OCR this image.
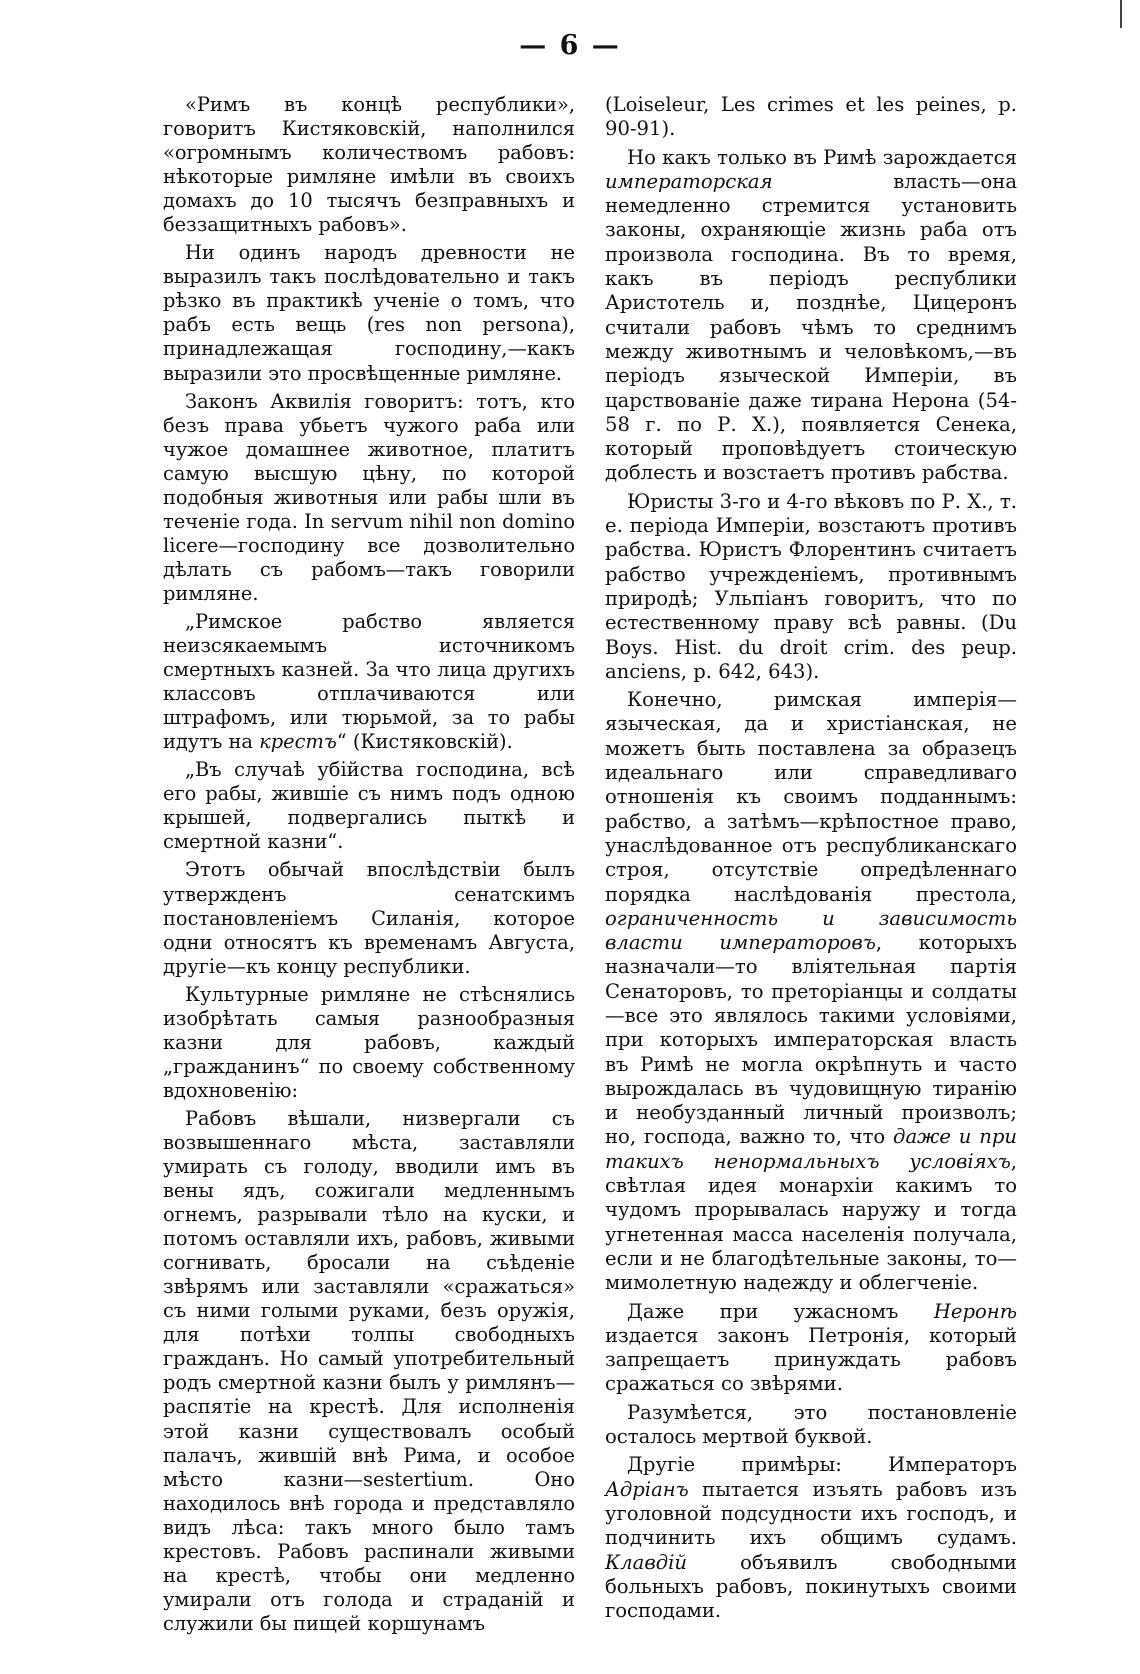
— 6 —

«Римъ въ концѣ республики», говоритъ Кистяковскій, наполнился «огромнымъ количествомъ рабовъ: нѣкоторые римляне имѣли въ своихъ домахъ до 10 тысячъ безправныхъ и беззащитныхъ рабовъ».

Ни одинъ народъ древности не выразилъ такъ послѣдовательно и такъ рѣзко въ практикѣ ученіе о томъ, что рабъ есть вещь (res non persona), принадлежащая господину,—какъ выразили это просвѣщенные римляне.

Законъ Аквилія говоритъ: тотъ, кто безъ права убьетъ чужого раба или чужое домашнее животное, платитъ самую высшую цѣну, по которой подобныя животныя или рабы шли въ теченіе года. In servum nihil non domino licere—господину все дозволительно дѣлать съ рабомъ—такъ говорили римляне.

„Римское рабство является неизсякаемымъ источникомъ смертныхъ казней. За что лица другихъ классовъ отплачиваются или штрафомъ, или тюрьмой, за то рабы идутъ на крестъ“ (Кистяковскій).

„Въ случаѣ убійства господина, всѣ его рабы, жившіе съ нимъ подъ одною крышей, подвергались пыткѣ и смертной казни“.

Этотъ обычай впослѣдствіи былъ утвержденъ сенатскимъ постановленіемъ Силанія, которое одни относятъ къ временамъ Августа, другіе—къ концу республики.

Культурные римляне не стѣснялись изобрѣтать самыя разнообразныя казни для рабовъ, каждый „гражданинъ“ по своему собственному вдохновенію:

Рабовъ вѣшали, низвергали съ возвышеннаго мѣста, заставляли умирать съ голоду, вводили имъ въ вены ядъ, сожигали медленнымъ огнемъ, разрывали тѣло на куски, и потомъ оставляли ихъ, рабовъ, живыми согнивать, бросали на съѣденіе звѣрямъ или заставляли «сражаться» съ ними голыми руками, безъ оружія, для потѣхи толпы свободныхъ гражданъ. Но самый употребительный родъ смертной казни былъ у римлянъ—распятіе на крестѣ. Для исполненія этой казни существовалъ особый палачъ, жившій внѣ Рима, и особое мѣсто казни—sestertium. Оно находилось внѣ города и представляло видъ лѣса: такъ много было тамъ крестовъ. Рабовъ распинали живыми на крестѣ, чтобы они медленно умирали отъ голода и страданій и служили бы пищей коршунамъ

(Loiseleur, Les crimes et les peines, p. 90-91).

Но какъ только въ Римѣ зарождается императорская власть—она немедленно стремится установить законы, охраняющіе жизнь раба отъ произвола господина. Въ то время, какъ въ періодъ республики Аристотель и, позднѣе, Цицеронъ считали рабовъ чѣмъ то среднимъ между животнымъ и человѣкомъ,—въ періодъ языческой Имперіи, въ царствованіе даже тирана Нерона (54-58 г. по Р. X.), появляется Сенека, который проповѣдуетъ стоическую доблесть и возстаетъ противъ рабства.

Юристы 3-го и 4-го вѣковъ по Р. X., т. е. періода Имперіи, возстаютъ противъ рабства. Юристъ Флорентинъ считаетъ рабство учрежденіемъ, противнымъ природѣ; Ульпіанъ говоритъ, что по естественному праву всѣ равны. (Du Boys. Hist. du droit crim. des peup. anciens, p. 642, 643).

Конечно, римская имперія—языческая, да и христіанская, не можетъ быть поставлена за образецъ идеальнаго или справедливаго отношенія къ своимъ подданнымъ: рабство, а затѣмъ—крѣпостное право, унаслѣдованное отъ республиканскаго строя, отсутствіе опредѣленнаго порядка наслѣдованія престола, ограниченность и зависимость власти императоровъ, которыхъ назначали—то вліятельная партія Сенаторовъ, то преторіанцы и солдаты—все это являлось такими условіями, при которыхъ императорская власть въ Римѣ не могла окрѣпнуть и часто вырождалась въ чудовищную тиранію и необузданный личный произволъ; но, господа, важно то, что даже и при такихъ ненормальныхъ условіяхъ, свѣтлая идея монархіи какимъ то чудомъ прорывалась наружу и тогда угнетенная масса населенія получала, если и не благодѣтельные законы, то—мимолетную надежду и облегченіе.

Даже при ужасномъ Неронѣ издается законъ Петронія, который запрещаетъ принуждать рабовъ сражаться со звѣрями.

Разумѣется, это постановленіе осталось мертвой буквой.

Другіе примѣры: Императоръ Адріанъ пытается изъять рабовъ изъ уголовной подсудности ихъ господъ, и подчинить ихъ общимъ судамъ. Клавдій объявилъ свободными больныхъ рабовъ, покинутыхъ своими господами.
